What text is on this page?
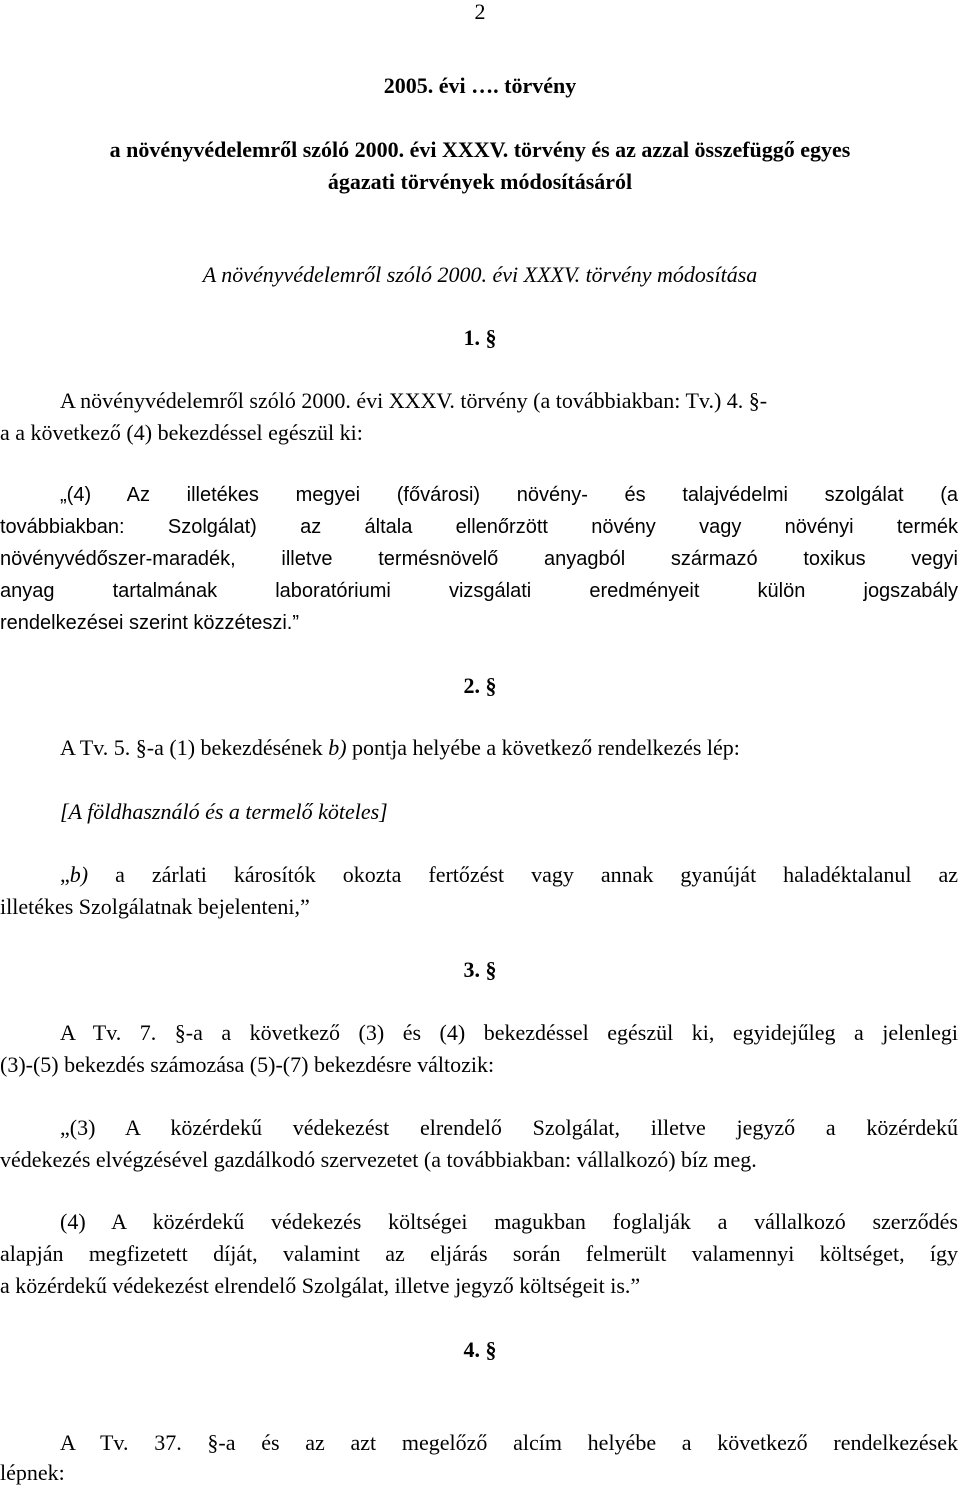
2
2005. évi …. törvény
a növényvédelemről szóló 2000. évi XXXV. törvény és az azzal összefüggő egyes
ágazati törvények módosításáról
A növényvédelemről szóló 2000. évi XXXV. törvény módosítása
1. §
A növényvédelemről szóló 2000. évi XXXV. törvény (a továbbiakban: Tv.) 4. §-
a a következő (4) bekezdéssel egészül ki:
„(4) Az illetékes megyei (fővárosi) növény- és talajvédelmi szolgálat (a
továbbiakban: Szolgálat) az általa ellenőrzött növény vagy növényi termék
növényvédőszer-maradék, illetve termésnövelő anyagból származó toxikus vegyi
anyag tartalmának laboratóriumi vizsgálati eredményeit külön jogszabály
rendelkezései szerint közzéteszi.”
2. §
A Tv. 5. §-a (1) bekezdésének b) pontja helyébe a következő rendelkezés lép:
[A földhasználó és a termelő köteles]
„b) a zárlati károsítók okozta fertőzést vagy annak gyanúját haladéktalanul az
illetékes Szolgálatnak bejelenteni,”
3. §
A Tv. 7. §-a a következő (3) és (4) bekezdéssel egészül ki, egyidejűleg a jelenlegi
(3)-(5) bekezdés számozása (5)-(7) bekezdésre változik:
„(3) A közérdekű védekezést elrendelő Szolgálat, illetve jegyző a közérdekű
védekezés elvégzésével gazdálkodó szervezetet (a továbbiakban: vállalkozó) bíz meg.
(4) A közérdekű védekezés költségei magukban foglalják a vállalkozó szerződés
alapján megfizetett díját, valamint az eljárás során felmerült valamennyi költséget, így
a közérdekű védekezést elrendelő Szolgálat, illetve jegyző költségeit is.”
4. §
A Tv. 37. §-a és az azt megelőző alcím helyébe a következő rendelkezések
lépnek:
